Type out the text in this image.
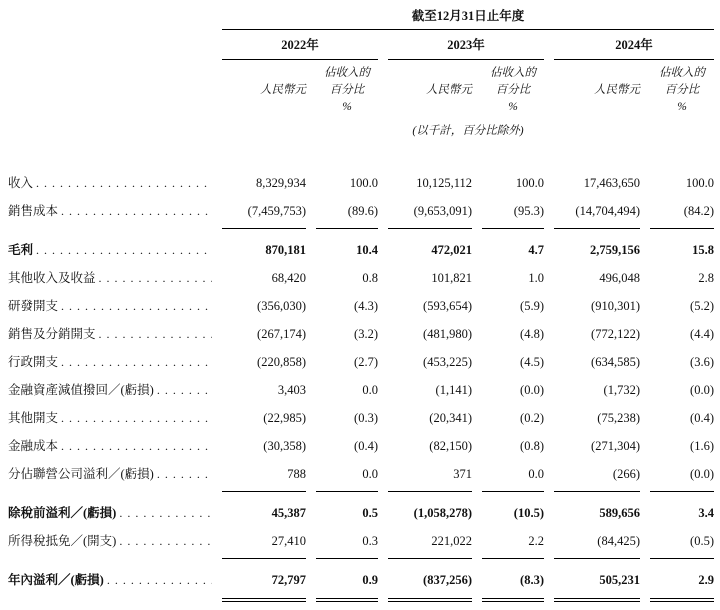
截至12月31日止年度
2022年	2023年	2024年
人民幣元
佔收入的
百分比
%
人民幣元
佔收入的
百分比
%
人民幣元
佔收入的
百分比
%
(以千計，百分比除外)
收入 . . .	8,329,934	100.0	10,125,112	100.0	17,463,650	100.0
銷售成本 . . .	(7,459,753)	(89.6)	(9,653,091)	(95.3)	(14,704,494)	(84.2)
毛利 . . .	870,181	10.4	472,021	4.7	2,759,156	15.8
其他收入及收益 . . .	68,420	0.8	101,821	1.0	496,048	2.8
研發開支 . . .	(356,030)	(4.3)	(593,654)	(5.9)	(910,301)	(5.2)
銷售及分銷開支 . . .	(267,174)	(3.2)	(481,980)	(4.8)	(772,122)	(4.4)
行政開支 . . .	(220,858)	(2.7)	(453,225)	(4.5)	(634,585)	(3.6)
金融資產減值撥回／(虧損) . . .	3,403	0.0	(1,141)	(0.0)	(1,732)	(0.0)
其他開支 . . .	(22,985)	(0.3)	(20,341)	(0.2)	(75,238)	(0.4)
金融成本 . . .	(30,358)	(0.4)	(82,150)	(0.8)	(271,304)	(1.6)
分佔聯營公司溢利／(虧損) . . .	788	0.0	371	0.0	(266)	(0.0)
除稅前溢利／(虧損) . . .	45,387	0.5	(1,058,278)	(10.5)	589,656	3.4
所得稅抵免／(開支) . . .	27,410	0.3	221,022	2.2	(84,425)	(0.5)
年內溢利／(虧損) . . .	72,797	0.9	(837,256)	(8.3)	505,231	2.9
